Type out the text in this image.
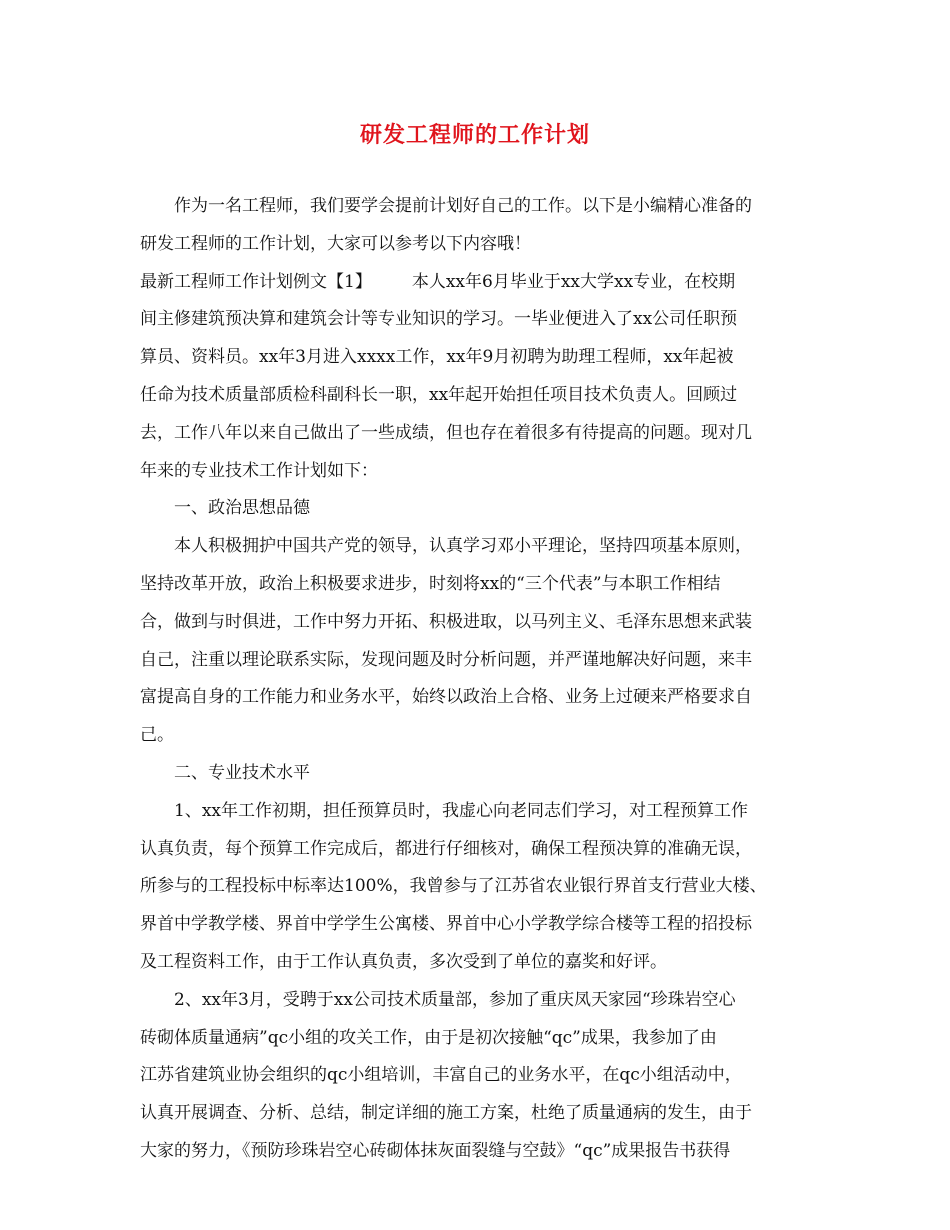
研发工程师的工作计划
作为一名工程师，我们要学会提前计划好自己的工作。以下是小编精心准备的
研发工程师的工作计划，大家可以参考以下内容哦！
最新工程师工作计划例文【1】 本人xx年6月毕业于xx大学xx专业，在校期
间主修建筑预决算和建筑会计等专业知识的学习。一毕业便进入了xx公司任职预
算员、资料员。xx年3月进入xxxx工作，xx年9月初聘为助理工程师，xx年起被
任命为技术质量部质检科副科长一职，xx年起开始担任项目技术负责人。回顾过
去，工作八年以来自己做出了一些成绩，但也存在着很多有待提高的问题。现对几
年来的专业技术工作计划如下：
一、政治思想品德
本人积极拥护中国共产党的领导，认真学习邓小平理论，坚持四项基本原则，
坚持改革开放，政治上积极要求进步，时刻将xx的“三个代表”与本职工作相结
合，做到与时俱进，工作中努力开拓、积极进取，以马列主义、毛泽东思想来武装
自己，注重以理论联系实际，发现问题及时分析问题，并严谨地解决好问题，来丰
富提高自身的工作能力和业务水平，始终以政治上合格、业务上过硬来严格要求自
己。
二、专业技术水平
1、xx年工作初期，担任预算员时，我虚心向老同志们学习，对工程预算工作
认真负责，每个预算工作完成后，都进行仔细核对，确保工程预决算的准确无误，
所参与的工程投标中标率达100%，我曾参与了江苏省农业银行界首支行营业大楼、
界首中学教学楼、界首中学学生公寓楼、界首中心小学教学综合楼等工程的招投标
及工程资料工作，由于工作认真负责，多次受到了单位的嘉奖和好评。
2、xx年3月，受聘于xx公司技术质量部，参加了重庆凤天家园“珍珠岩空心
砖砌体质量通病”qc小组的攻关工作，由于是初次接触“qc”成果，我参加了由
江苏省建筑业协会组织的qc小组培训，丰富自己的业务水平，在qc小组活动中，
认真开展调查、分析、总结，制定详细的施工方案，杜绝了质量通病的发生，由于
大家的努力，《预防珍珠岩空心砖砌体抹灰面裂缝与空鼓》“qc”成果报告书获得
